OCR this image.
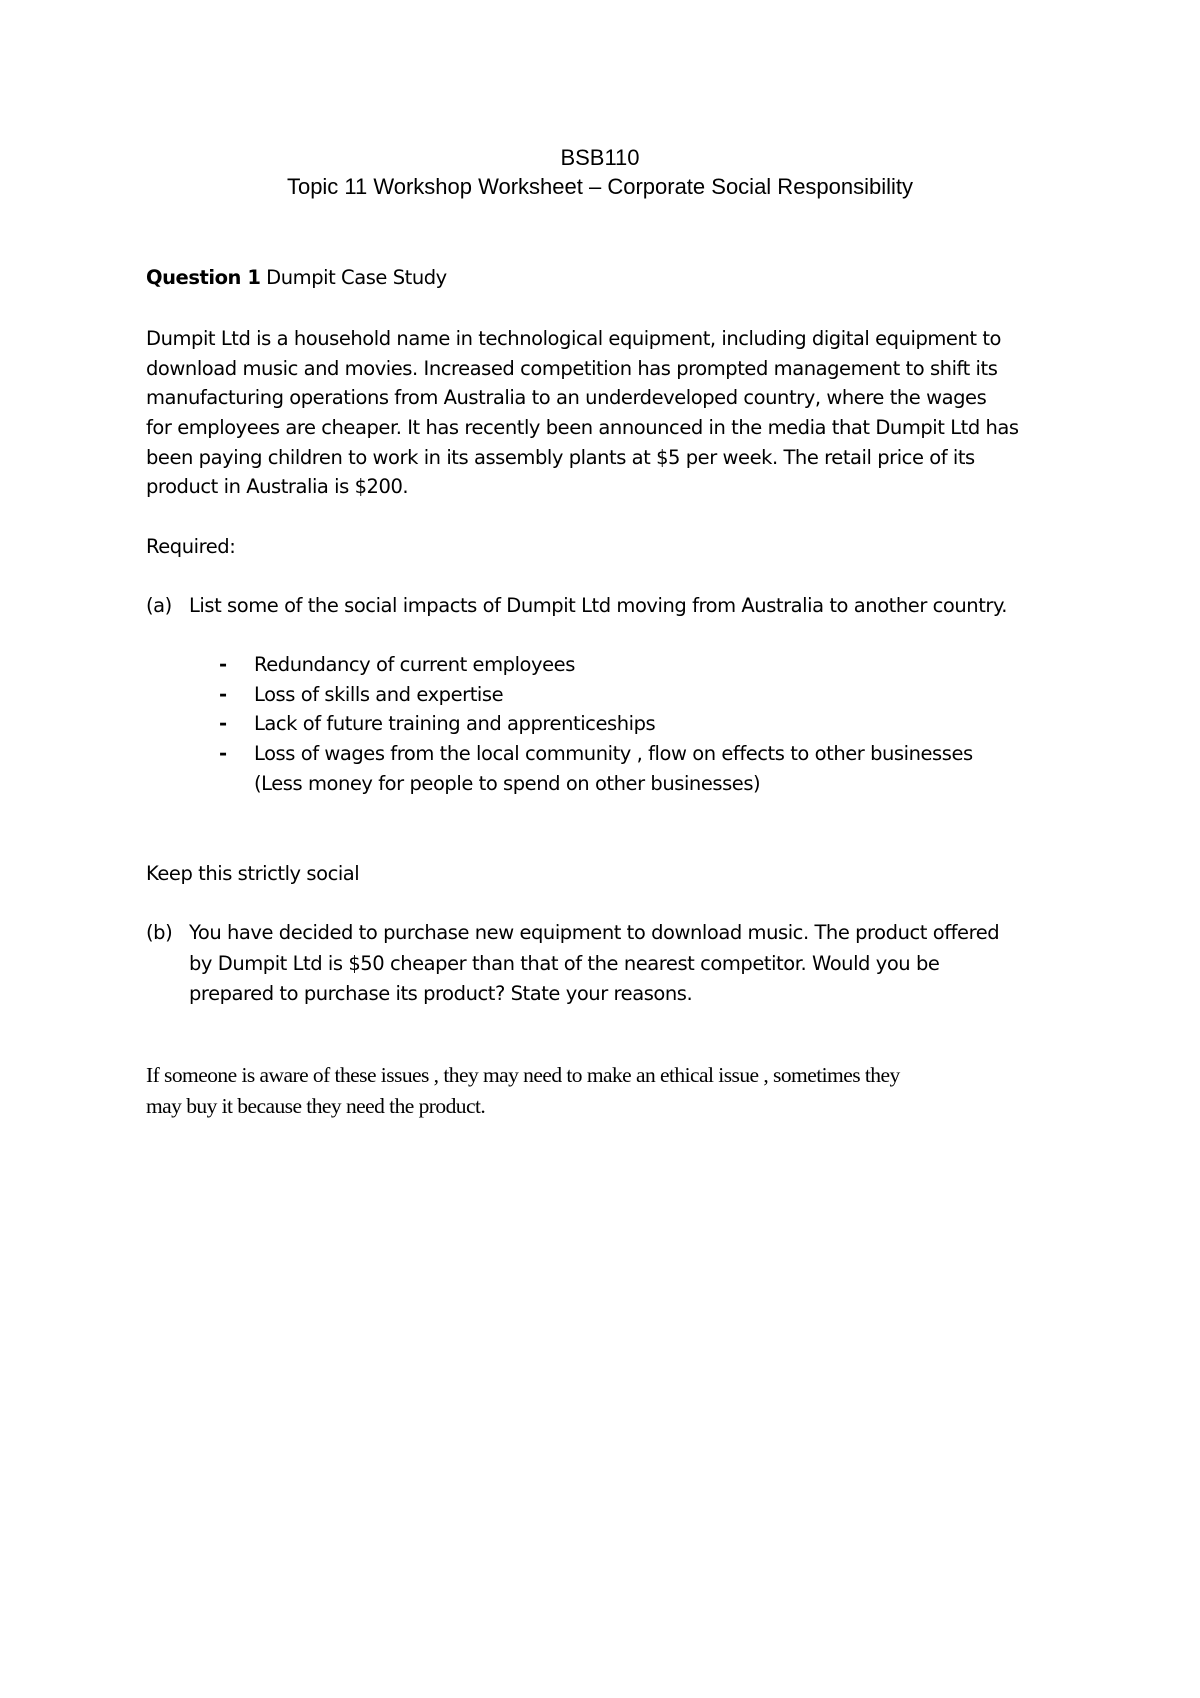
BSB110
Topic 11 Workshop Worksheet – Corporate Social Responsibility
Question 1 Dumpit Case Study
Dumpit Ltd is a household name in technological equipment, including digital equipment to
download music and movies. Increased competition has prompted management to shift its
manufacturing operations from Australia to an underdeveloped country, where the wages
for employees are cheaper. It has recently been announced in the media that Dumpit Ltd has
been paying children to work in its assembly plants at $5 per week. The retail price of its
product in Australia is $200.
Required:
(a) List some of the social impacts of Dumpit Ltd moving from Australia to another country.
- Redundancy of current employees
- Loss of skills and expertise
- Lack of future training and apprenticeships
- Loss of wages from the local community , flow on effects to other businesses
(Less money for people to spend on other businesses)
Keep this strictly social
(b) You have decided to purchase new equipment to download music. The product offered
by Dumpit Ltd is $50 cheaper than that of the nearest competitor. Would you be
prepared to purchase its product? State your reasons.
If someone is aware of these issues , they may need to make an ethical issue , sometimes they
may buy it because they need the product.
